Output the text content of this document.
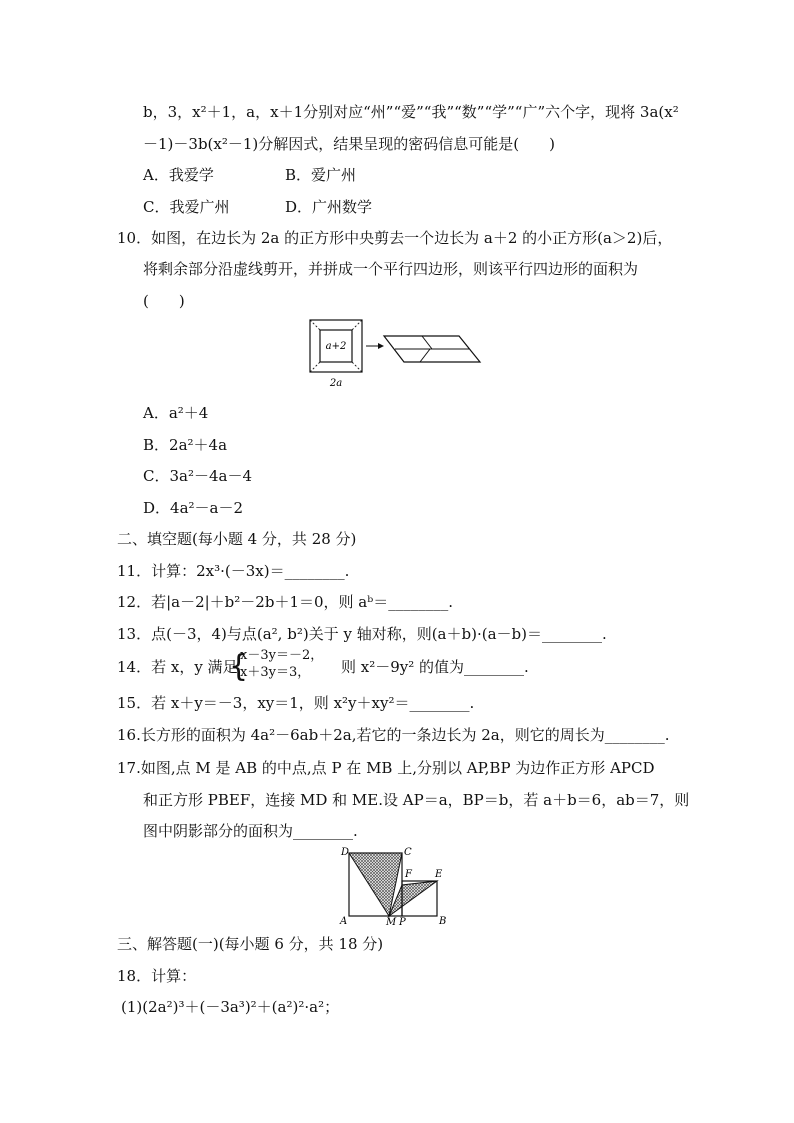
b，3，x²＋1，a，x＋1分别对应“州”“爱”“我”“数”“学”“广”六个字，现将 3a(x²
－1)－3b(x²－1)分解因式，结果呈现的密码信息可能是(　　)
A．我爱学	B．爱广州
C．我爱广州	D．广州数学
10．如图，在边长为 2a 的正方形中央剪去一个边长为 a＋2 的小正方形(a＞2)后，
将剩余部分沿虚线剪开，并拼成一个平行四边形，则该平行四边形的面积为
(　　)
a+2
2a
A．a²＋4
B．2a²＋4a
C．3a²－4a－4
D．4a²－a－2
二、填空题(每小题 4 分，共 28 分)
11．计算：2x³·(－3x)＝________.
12．若|a－2|＋b²－2b＋1＝0，则 aᵇ＝________.
13．点(－3，4)与点(a², b²)关于 y 轴对称，则(a＋b)·(a－b)＝________.
14．若 x，y 满足
{
x－3y＝－2，
x＋3y＝3， 则 x²－9y² 的值为________.
15．若 x＋y＝－3，xy＝1，则 x²y＋xy²＝________.
16.长方形的面积为 4a²－6ab＋2a,若它的一条边长为 2a，则它的周长为________.
17.如图,点 M 是 AB 的中点,点 P 在 MB 上,分别以 AP,BP 为边作正方形 APCD
和正方形 PBEF，连接 MD 和 ME.设 AP＝a，BP＝b，若 a＋b＝6，ab＝7，则
图中阴影部分的面积为________.
D	C
F E
A	M P	B
三、解答题(一)(每小题 6 分，共 18 分)
18．计算：
(1)(2a²)³＋(－3a³)²＋(a²)²·a²；
